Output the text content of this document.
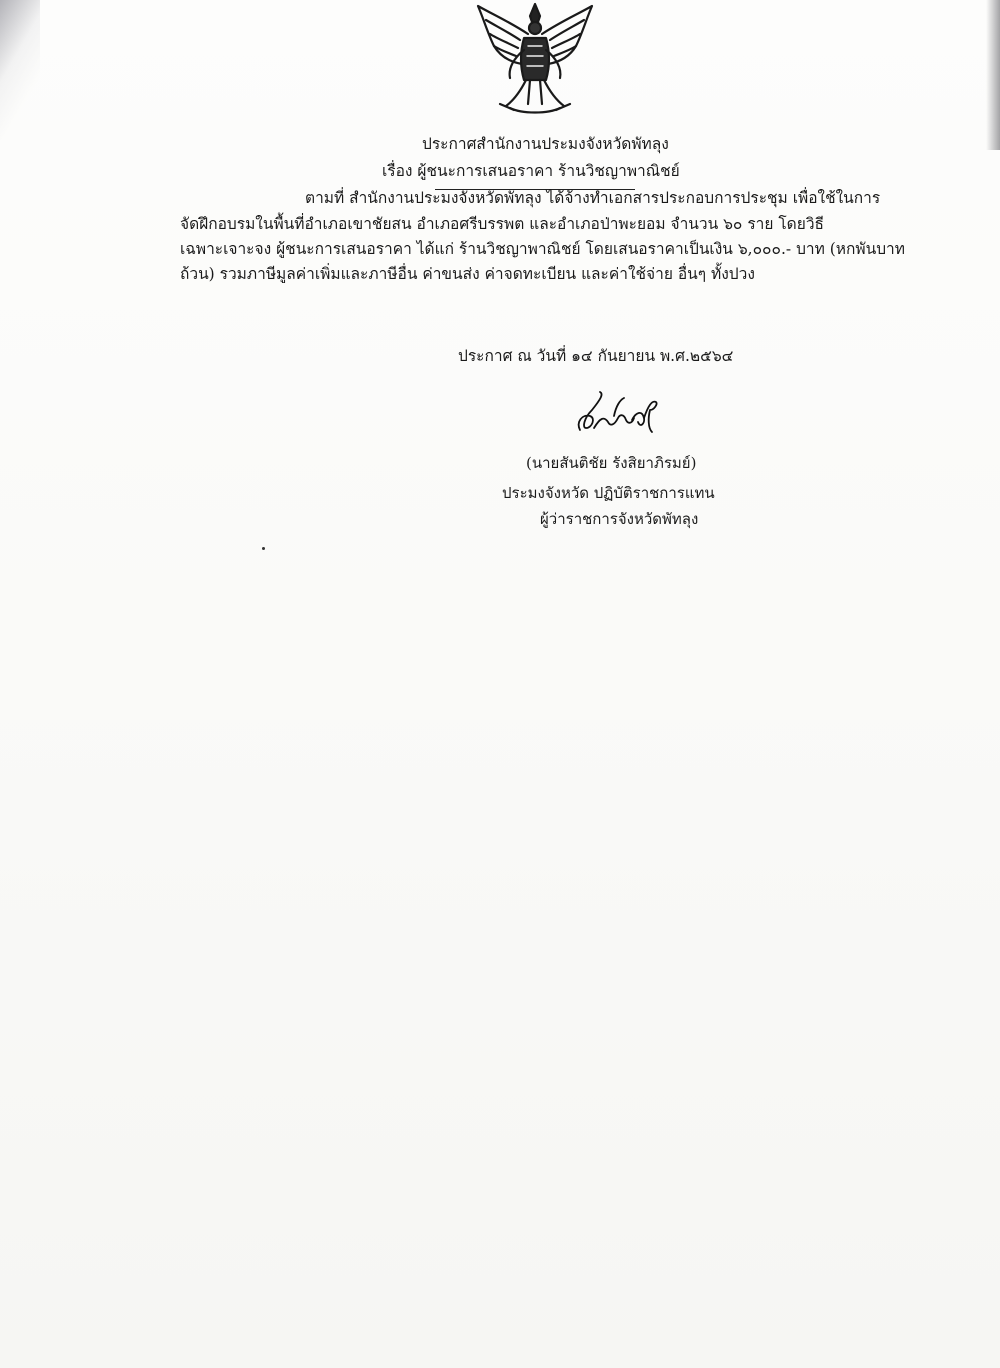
ประกาศสำนักงานประมงจังหวัดพัทลุง
เรื่อง ผู้ชนะการเสนอราคา ร้านวิชญาพาณิชย์
ตามที่ สำนักงานประมงจังหวัดพัทลุง ได้จ้างทำเอกสารประกอบการประชุม เพื่อใช้ในการ
จัดฝึกอบรมในพื้นที่อำเภอเขาชัยสน อำเภอศรีบรรพต และอำเภอป่าพะยอม จำนวน ๖๐ ราย โดยวิธี
เฉพาะเจาะจง ผู้ชนะการเสนอราคา ได้แก่ ร้านวิชญาพาณิชย์ โดยเสนอราคาเป็นเงิน ๖,๐๐๐.- บาท (หกพันบาท
ถ้วน) รวมภาษีมูลค่าเพิ่มและภาษีอื่น ค่าขนส่ง ค่าจดทะเบียน และค่าใช้จ่าย อื่นๆ ทั้งปวง
ประกาศ ณ วันที่ ๑๔ กันยายน พ.ศ.๒๕๖๔
(นายสันติชัย รังสิยาภิรมย์)
ประมงจังหวัด ปฏิบัติราชการแทน
ผู้ว่าราชการจังหวัดพัทลุง
